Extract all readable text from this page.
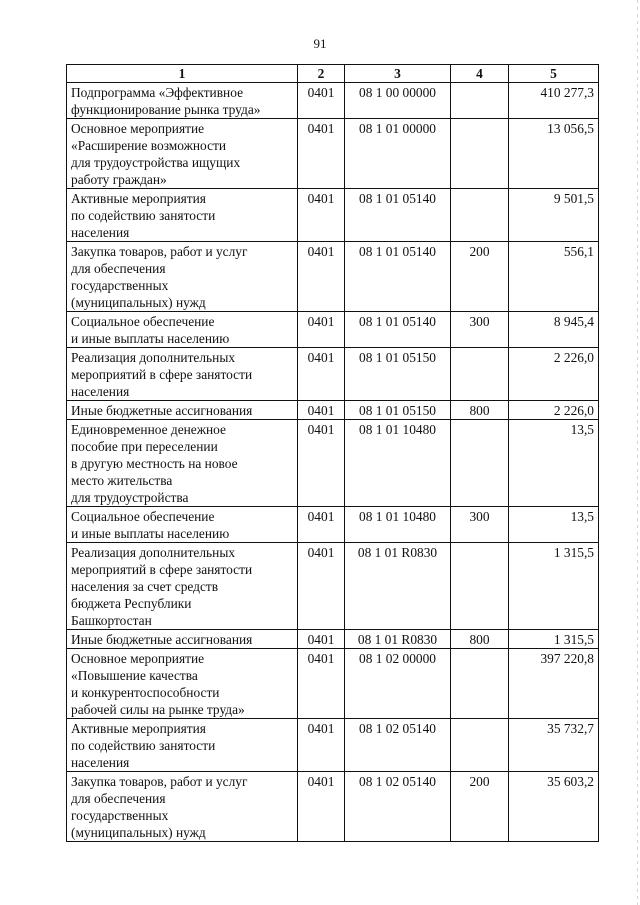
91
1	2	3	4	5
Подпрограмма «Эффективное
функционирование рынка труда»	0401	08 1 00 00000		410 277,3
Основное мероприятие
«Расширение возможности
для трудоустройства ищущих
работу граждан»	0401	08 1 01 00000		13 056,5
Активные мероприятия
по содействию занятости
населения	0401	08 1 01 05140		9 501,5
Закупка товаров, работ и услуг
для обеспечения
государственных
(муниципальных) нужд	0401	08 1 01 05140	200	556,1
Социальное обеспечение
и иные выплаты населению	0401	08 1 01 05140	300	8 945,4
Реализация дополнительных
мероприятий в сфере занятости
населения	0401	08 1 01 05150		2 226,0
Иные бюджетные ассигнования	0401	08 1 01 05150	800	2 226,0
Единовременное денежное
пособие при переселении
в другую местность на новое
место жительства
для трудоустройства	0401	08 1 01 10480		13,5
Социальное обеспечение
и иные выплаты населению	0401	08 1 01 10480	300	13,5
Реализация дополнительных
мероприятий в сфере занятости
населения за счет средств
бюджета Республики
Башкортостан	0401	08 1 01 R0830		1 315,5
Иные бюджетные ассигнования	0401	08 1 01 R0830	800	1 315,5
Основное мероприятие
«Повышение качества
и конкурентоспособности
рабочей силы на рынке труда»	0401	08 1 02 00000		397 220,8
Активные мероприятия
по содействию занятости
населения	0401	08 1 02 05140		35 732,7
Закупка товаров, работ и услуг
для обеспечения
государственных
(муниципальных) нужд	0401	08 1 02 05140	200	35 603,2
